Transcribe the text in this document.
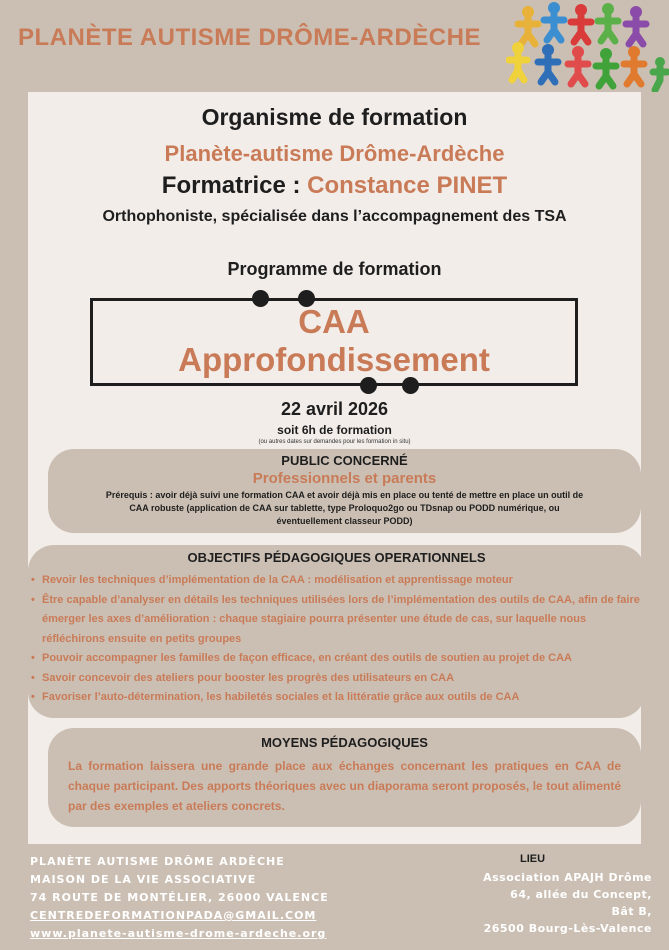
PLANÈTE AUTISME DRÔME-ARDÈCHE
Organisme de formation
Planète-autisme Drôme-Ardèche
Formatrice : Constance PINET
Orthophoniste, spécialisée dans l’accompagnement des TSA
Programme de formation
CAA
Approfondissement
22 avril 2026
soit 6h de formation
(ou autres dates sur demandes pour les formation in situ)
PUBLIC CONCERNÉ
Professionnels et parents
Prérequis : avoir déjà suivi une formation CAA et avoir déjà mis en place ou tenté de mettre en place un outil de CAA robuste (application de CAA sur tablette, type Proloquo2go ou TDsnap ou PODD numérique, ou éventuellement classeur PODD)
OBJECTIFS PÉDAGOGIQUES OPERATIONNELS
• Revoir les techniques d’implémentation de la CAA : modélisation et apprentissage moteur
• Être capable d’analyser en détails les techniques utilisées lors de l’implémentation des outils de CAA, afin de faire émerger les axes d’amélioration : chaque stagiaire pourra présenter une étude de cas, sur laquelle nous réfléchirons ensuite en petits groupes
• Pouvoir accompagner les familles de façon efficace, en créant des outils de soutien au projet de CAA
• Savoir concevoir des ateliers pour booster les progrès des utilisateurs en CAA
• Favoriser l’auto-détermination, les habiletés sociales et la littératie grâce aux outils de CAA
MOYENS PÉDAGOGIQUES
La formation laissera une grande place aux échanges concernant les pratiques en CAA de chaque participant. Des apports théoriques avec un diaporama seront proposés, le tout alimenté par des exemples et ateliers concrets.
PLANÈTE AUTISME DRÔME ARDÈCHE
MAISON DE LA VIE ASSOCIATIVE
74 ROUTE DE MONTÉLIER, 26000 VALENCE
CENTREDEFORMATIONPADA@GMAIL.COM
www.planete-autisme-drome-ardeche.org
LIEU
Association APAJH Drôme
64, allée du Concept,
Bât B,
26500 Bourg-Lès-Valence
